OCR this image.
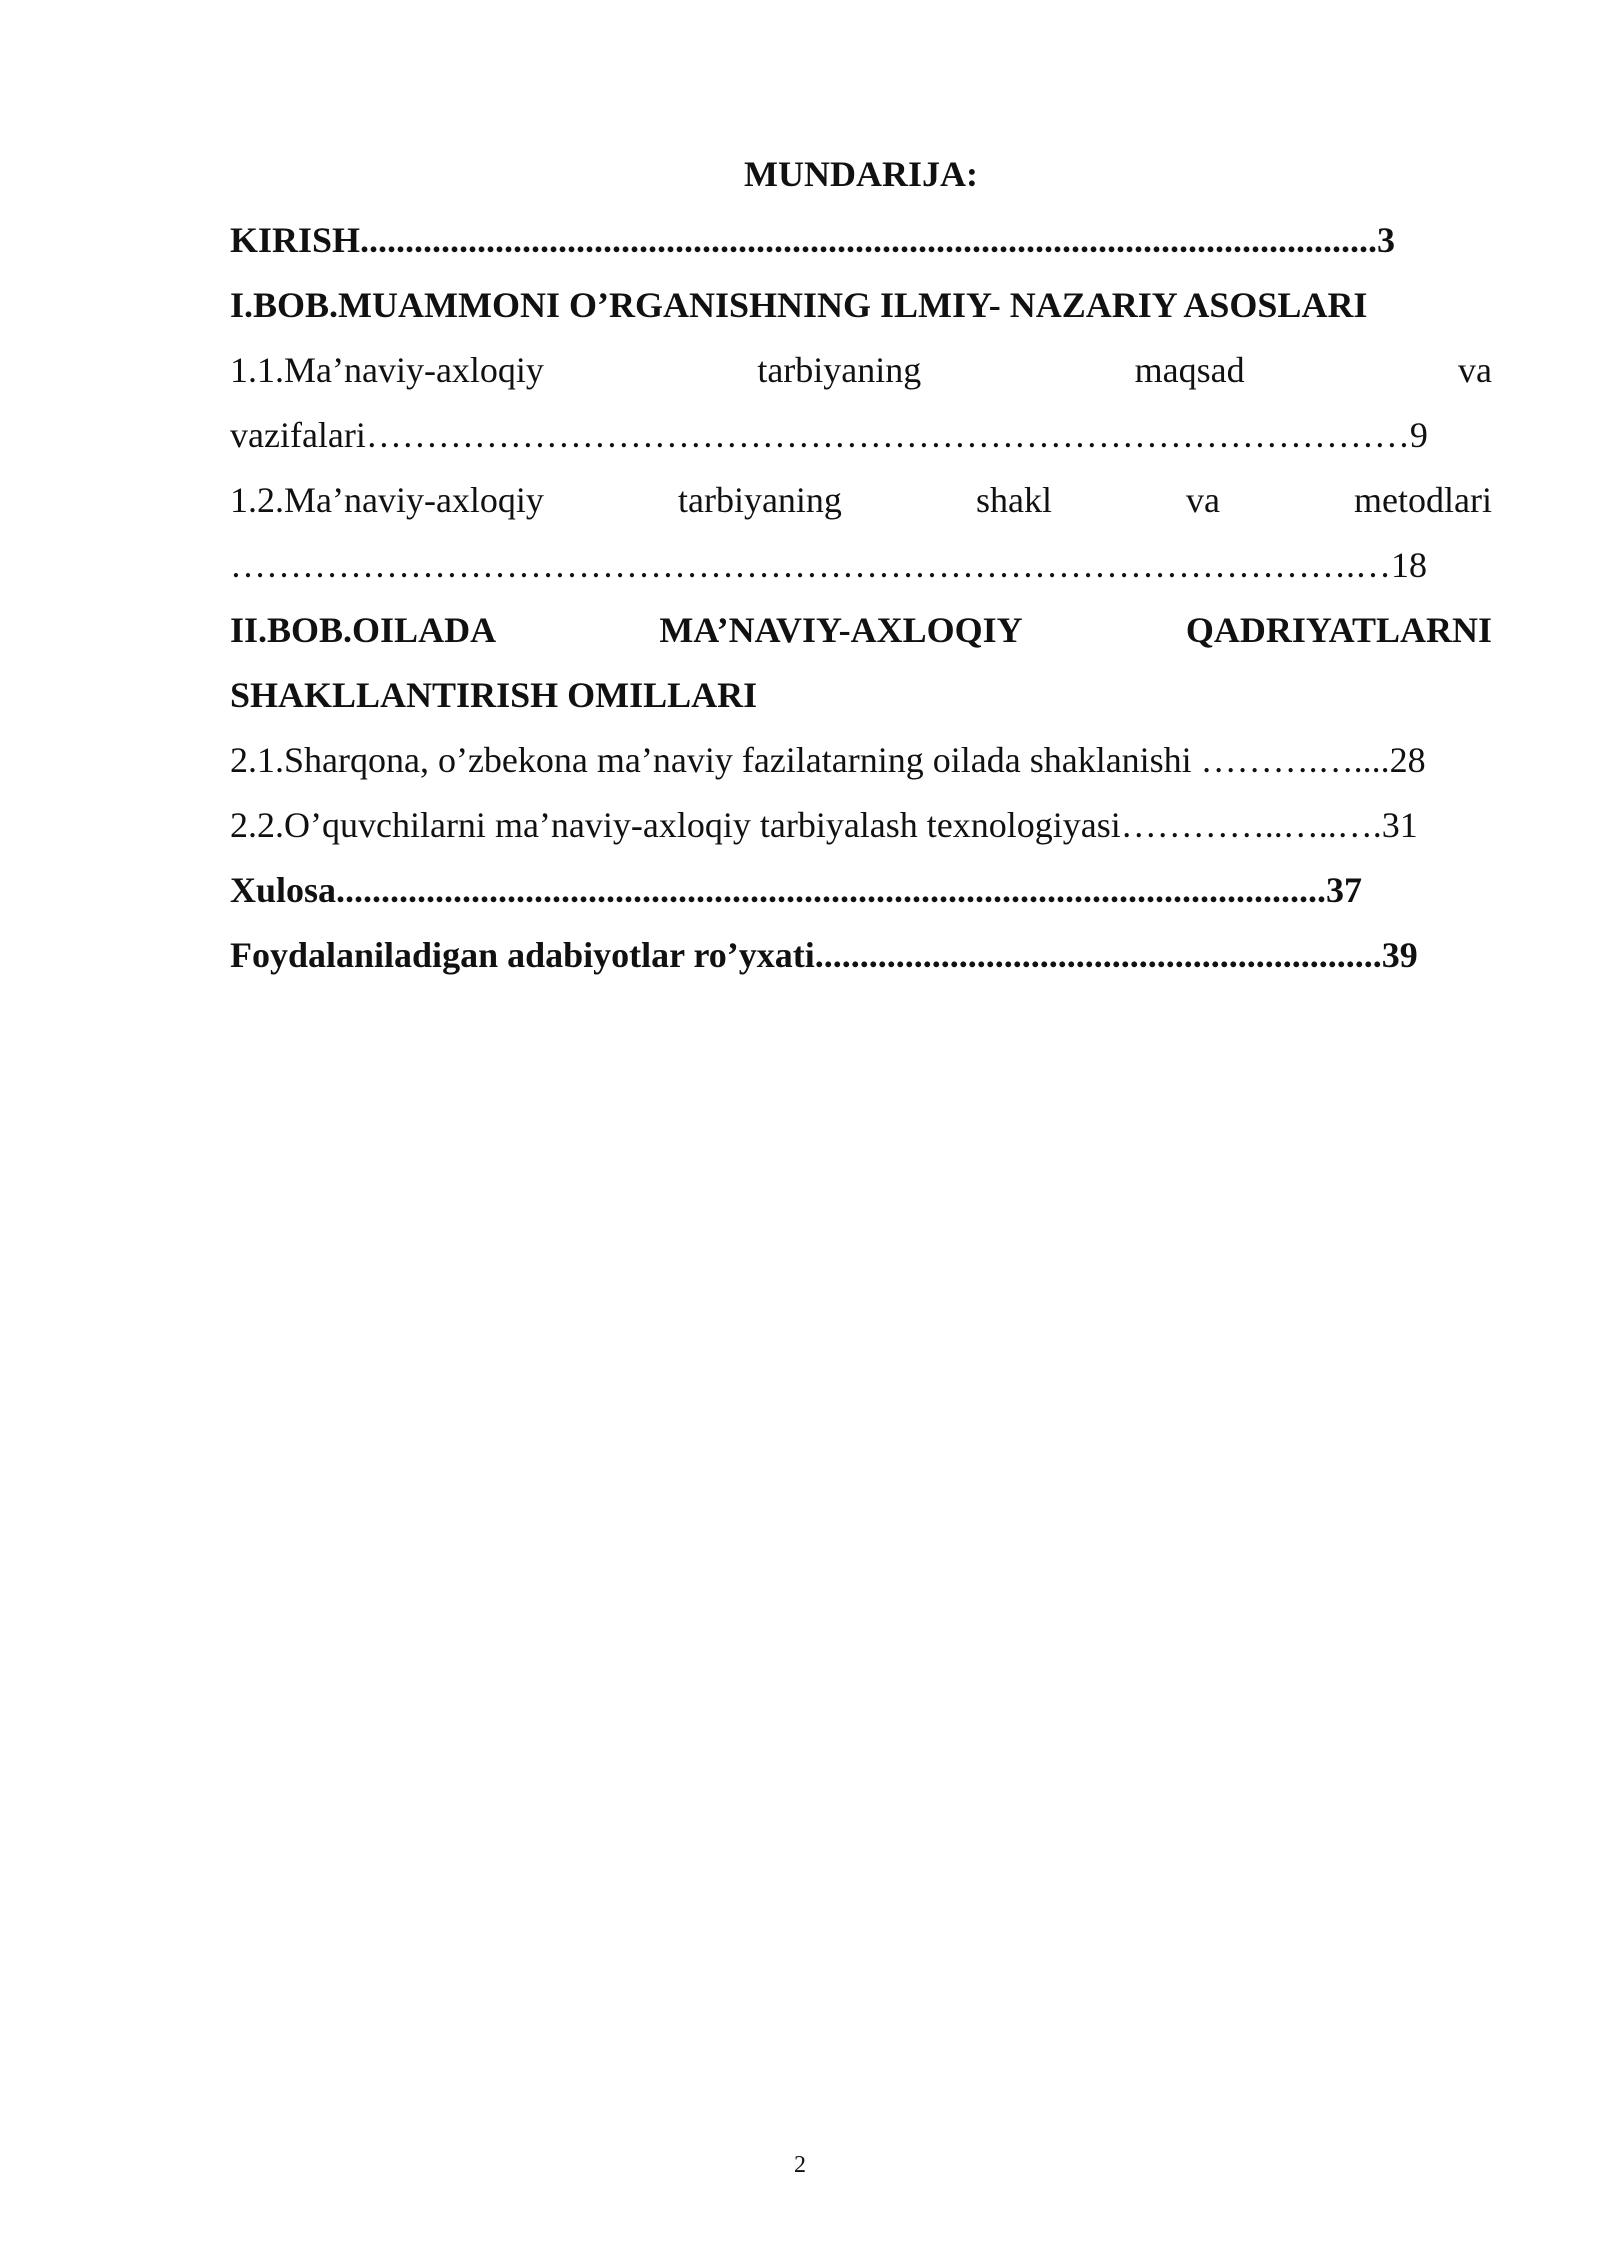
MUNDARIJA:
KIRISH.................................................................................................................3
I.BOB.MUAMMONI O’RGANISHNING ILMIY- NAZARIY ASOSLARI
1.1.Ma’naviy-axloqiy	tarbiyaning	maqsad	va
vazifalari……………………………………………………………………………9
1.2.Ma’naviy-axloqiy	tarbiyaning	shakl	va	metodlari
………………………………………………………………………………….…18
II.BOB.OILADA	MA’NAVIY-AXLOQIY	QADRIYATLARNI
SHAKLLANTIRISH OMILLARI
2.1.Sharqona, o’zbekona ma’naviy fazilatarning oilada shaklanishi ……….…....28
2.2.O’quvchilarni ma’naviy-axloqiy tarbiyalash texnologiyasi…………..…..….31
Xulosa..............................................................................................................37
Foydalaniladigan adabiyotlar ro’yxati...............................................................39
2
